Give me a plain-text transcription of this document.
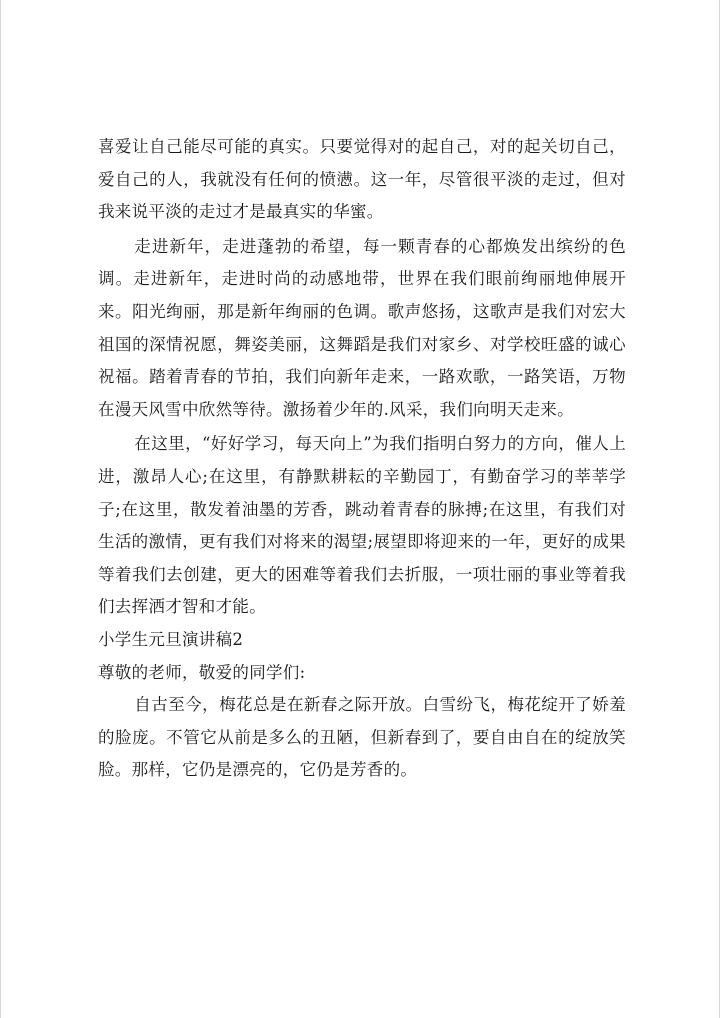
喜爱让自己能尽可能的真实。只要觉得对的起自己，对的起关切自己，爱自己的人，我就没有任何的愤懑。这一年，尽管很平淡的走过，但对我来说平淡的走过才是最真实的华蜜。

走进新年，走进蓬勃的希望，每一颗青春的心都焕发出缤纷的色调。走进新年，走进时尚的动感地带，世界在我们眼前绚丽地伸展开来。阳光绚丽，那是新年绚丽的色调。歌声悠扬，这歌声是我们对宏大祖国的深情祝愿，舞姿美丽，这舞蹈是我们对家乡、对学校旺盛的诚心祝福。踏着青春的节拍，我们向新年走来，一路欢歌，一路笑语，万物在漫天风雪中欣然等待。激扬着少年的.风采，我们向明天走来。

在这里，“好好学习，每天向上”为我们指明白努力的方向，催人上进，激昂人心;在这里，有静默耕耘的辛勤园丁，有勤奋学习的莘莘学子;在这里，散发着油墨的芳香，跳动着青春的脉搏;在这里，有我们对生活的激情，更有我们对将来的渴望;展望即将迎来的一年，更好的成果等着我们去创建，更大的困难等着我们去折服，一项壮丽的事业等着我们去挥洒才智和才能。

小学生元旦演讲稿2

尊敬的老师，敬爱的同学们:

自古至今，梅花总是在新春之际开放。白雪纷飞，梅花绽开了娇羞的脸庞。不管它从前是多么的丑陋，但新春到了，要自由自在的绽放笑脸。那样，它仍是漂亮的，它仍是芳香的。
